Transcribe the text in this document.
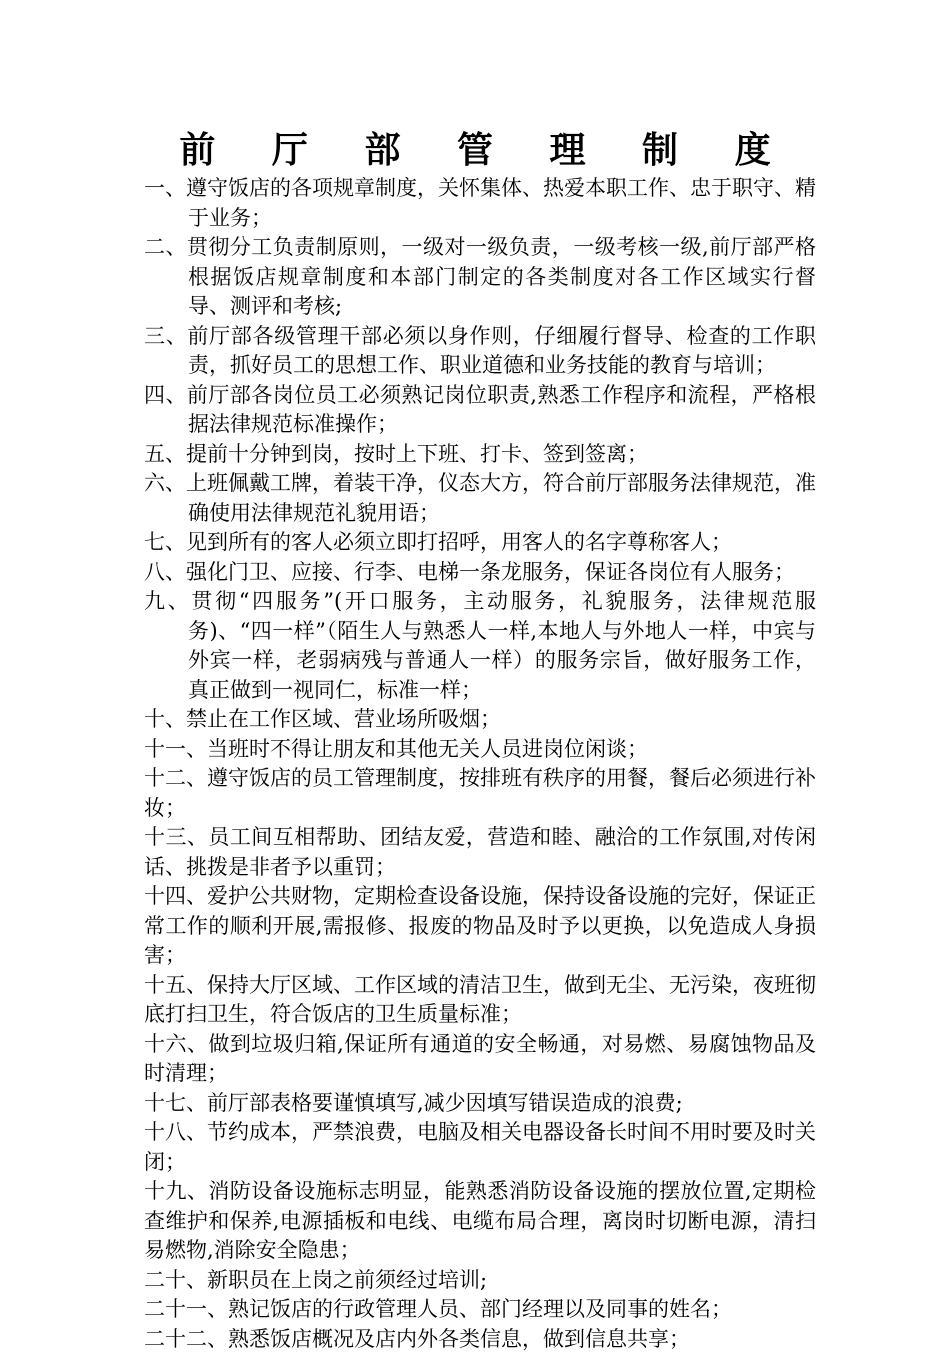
前 厅 部 管 理 制 度
一、遵守饭店的各项规章制度，关怀集体、热爱本职工作、忠于职守、精于业务；
二、贯彻分工负责制原则，一级对一级负责，一级考核一级,前厅部严格根据饭店规章制度和本部门制定的各类制度对各工作区域实行督导、测评和考核;
三、前厅部各级管理干部必须以身作则，仔细履行督导、检查的工作职责，抓好员工的思想工作、职业道德和业务技能的教育与培训；
四、前厅部各岗位员工必须熟记岗位职责,熟悉工作程序和流程，严格根据法律规范标准操作；
五、提前十分钟到岗，按时上下班、打卡、签到签离；
六、上班佩戴工牌，着装干净，仪态大方，符合前厅部服务法律规范，准确使用法律规范礼貌用语；
七、见到所有的客人必须立即打招呼，用客人的名字尊称客人；
八、强化门卫、应接、行李、电梯一条龙服务，保证各岗位有人服务；
九、贯彻“四服务”(开口服务，主动服务，礼貌服务，法律规范服务)、“四一样”（陌生人与熟悉人一样,本地人与外地人一样，中宾与外宾一样，老弱病残与普通人一样）的服务宗旨，做好服务工作，真正做到一视同仁，标准一样；
十、禁止在工作区域、营业场所吸烟；
十一、当班时不得让朋友和其他无关人员进岗位闲谈；
十二、遵守饭店的员工管理制度，按排班有秩序的用餐，餐后必须进行补妆；
十三、员工间互相帮助、团结友爱，营造和睦、融洽的工作氛围,对传闲话、挑拨是非者予以重罚；
十四、爱护公共财物，定期检查设备设施，保持设备设施的完好，保证正常工作的顺利开展,需报修、报废的物品及时予以更换，以免造成人身损害；
十五、保持大厅区域、工作区域的清洁卫生，做到无尘、无污染，夜班彻底打扫卫生，符合饭店的卫生质量标准；
十六、做到垃圾归箱,保证所有通道的安全畅通，对易燃、易腐蚀物品及时清理；
十七、前厅部表格要谨慎填写,减少因填写错误造成的浪费;
十八、节约成本，严禁浪费，电脑及相关电器设备长时间不用时要及时关闭；
十九、消防设备设施标志明显，能熟悉消防设备设施的摆放位置,定期检查维护和保养,电源插板和电线、电缆布局合理，离岗时切断电源，清扫易燃物,消除安全隐患；
二十、新职员在上岗之前须经过培训;
二十一、熟记饭店的行政管理人员、部门经理以及同事的姓名；
二十二、熟悉饭店概况及店内外各类信息，做到信息共享；
